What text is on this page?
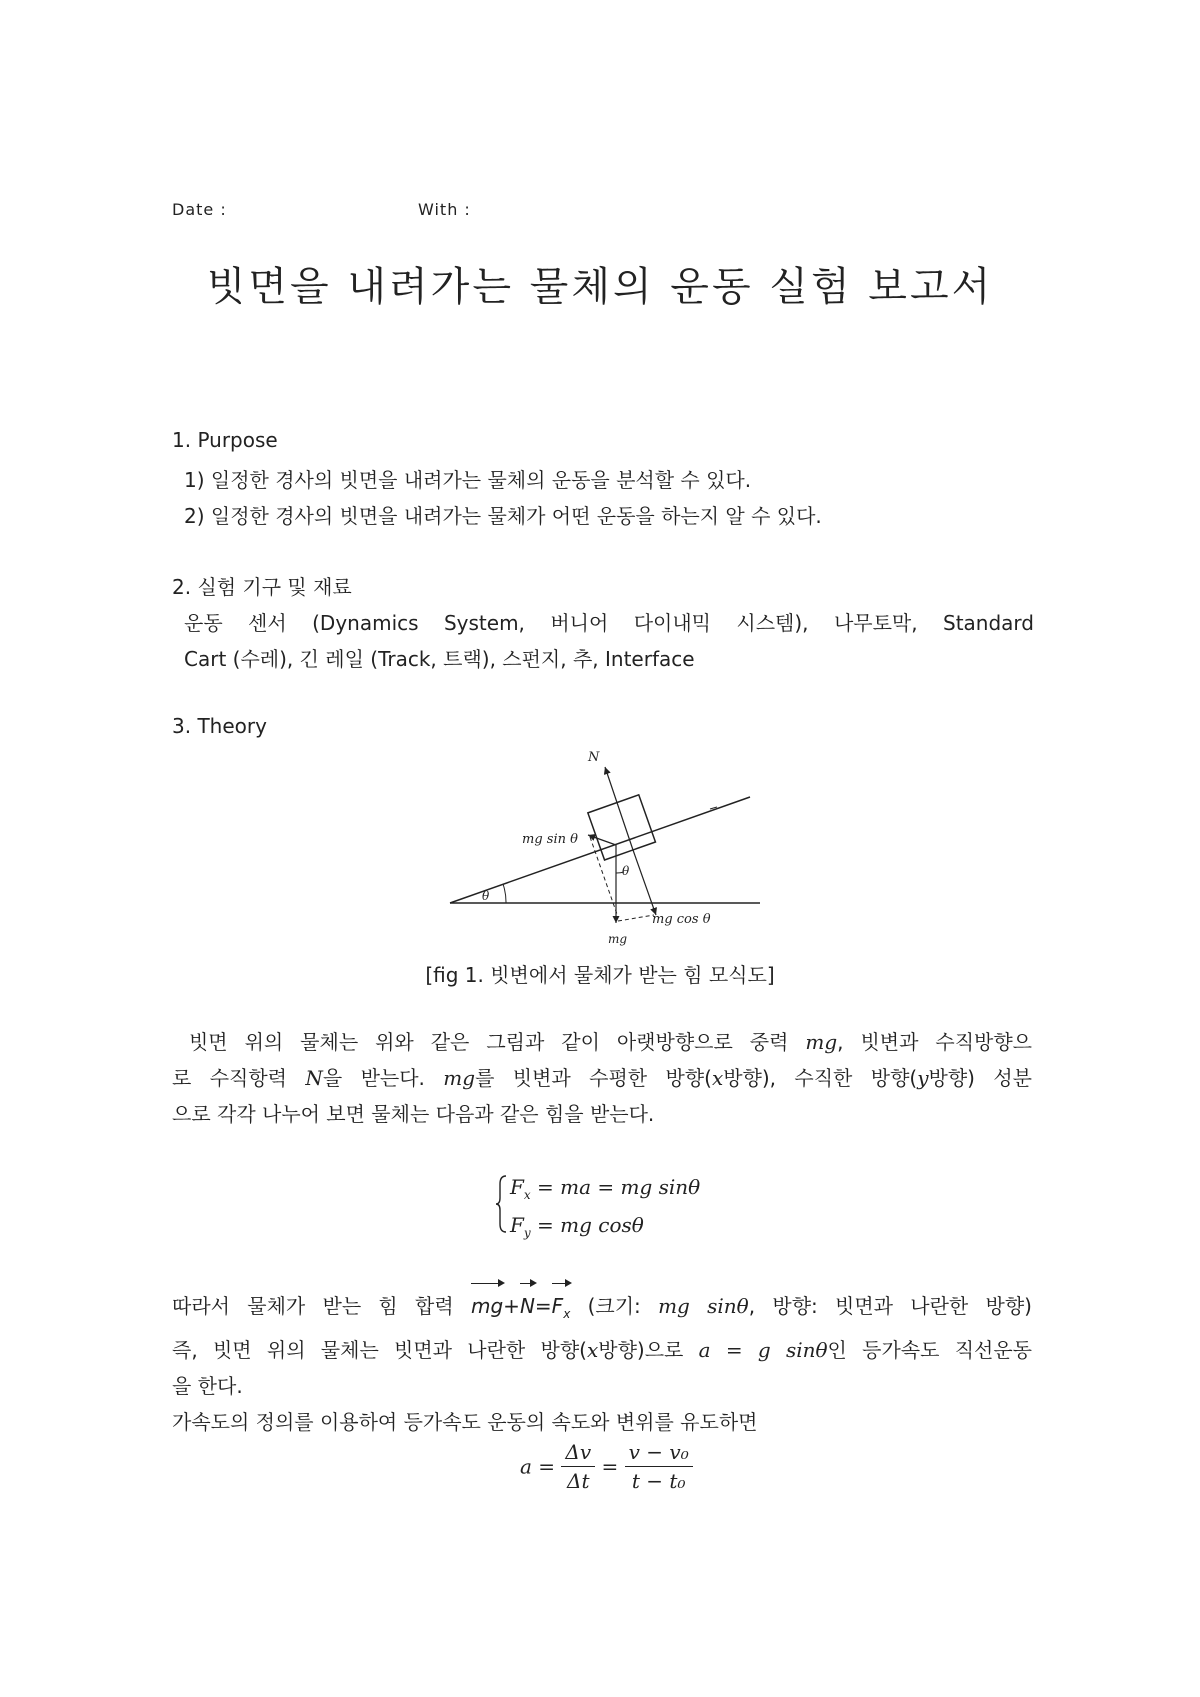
Date :	With :
빗면을 내려가는 물체의 운동 실험 보고서
1. Purpose
1) 일정한 경사의 빗면을 내려가는 물체의 운동을 분석할 수 있다.
2) 일정한 경사의 빗면을 내려가는 물체가 어떤 운동을 하는지 알 수 있다.
2. 실험 기구 및 재료
운동 센서 (Dynamics System, 버니어 다이내믹 시스템), 나무토막, Standard
Cart (수레), 긴 레일 (Track, 트랙), 스펀지, 추, Interface
3. Theory
N
mg sin θ
θ
θ
mg
mg cos θ
[fig 1. 빗변에서 물체가 받는 힘 모식도]
빗면 위의 물체는 위와 같은 그림과 같이 아랫방향으로 중력 mg, 빗변과 수직방향으
로 수직항력 N을 받는다. mg를 빗변과 수평한 방향(x방향), 수직한 방향(y방향) 성분
으로 각각 나누어 보면 물체는 다음과 같은 힘을 받는다.
$F_x$ = ma = mg sinθ
$F_y$ = mg cosθ
따라서 물체가 받는 힘 합력 $mg+N=F_x$ (크기: mg sinθ, 방향: 빗면과 나란한 방향)
즉, 빗면 위의 물체는 빗면과 나란한 방향(x방향)으로 a = g sinθ인 등가속도 직선운동
을 한다.
가속도의 정의를 이용하여 등가속도 운동의 속도와 변위를 유도하면
$a = \frac{\Delta v}{\Delta t} = \frac{\text{v − v₀}}{\text{t − t₀}}$
